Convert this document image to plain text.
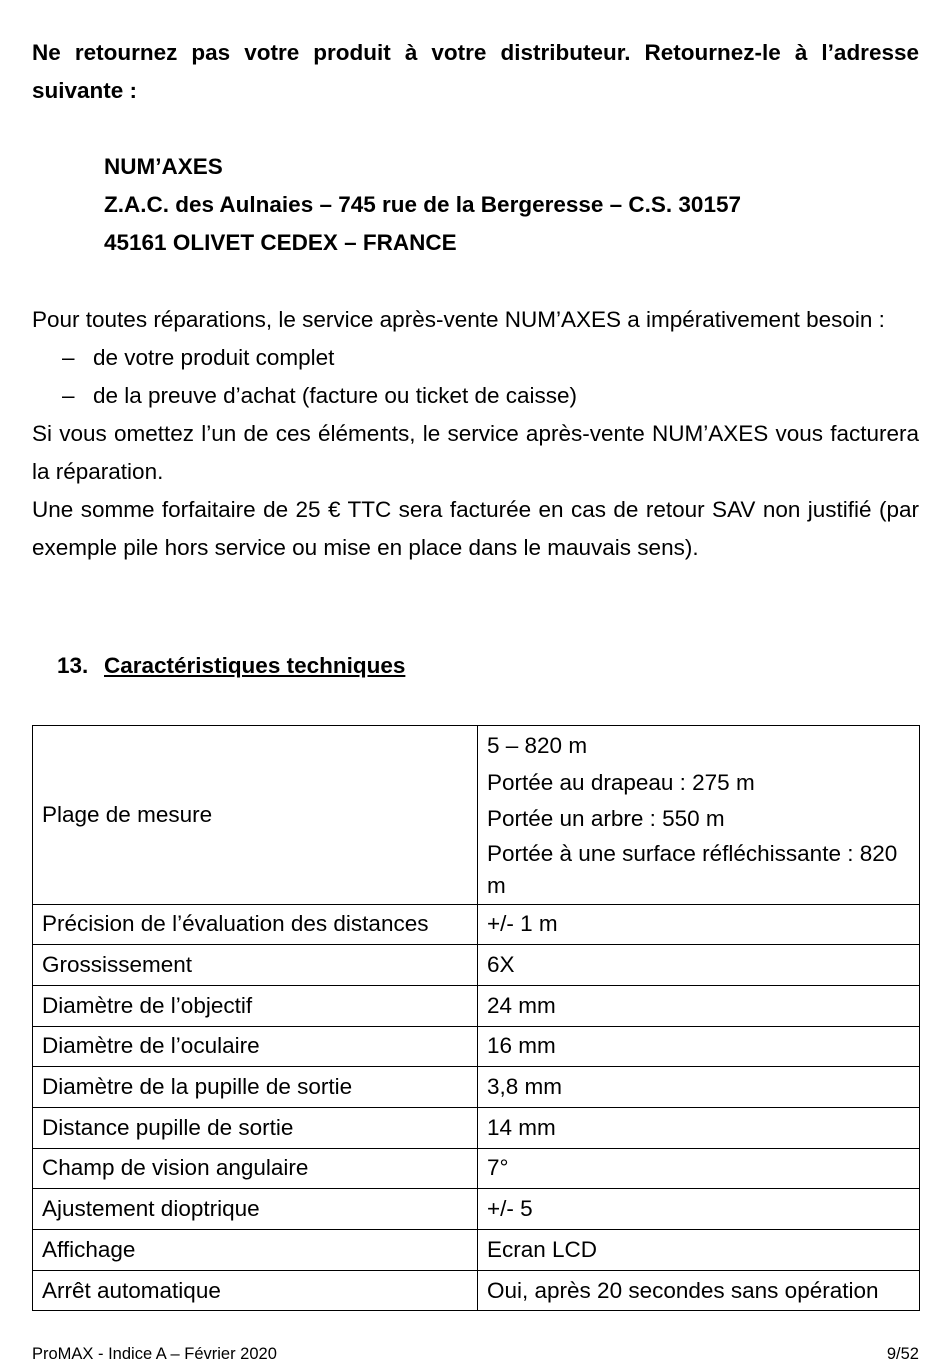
Ne retournez pas votre produit à votre distributeur. Retournez-le à l’adresse suivante :

NUM’AXES

Z.A.C. des Aulnaies – 745 rue de la Bergeresse – C.S. 30157

45161 OLIVET CEDEX – FRANCE

Pour toutes réparations, le service après-vente NUM’AXES a impérativement besoin :

– de votre produit complet
– de la preuve d’achat (facture ou ticket de caisse)

Si vous omettez l’un de ces éléments, le service après-vente NUM’AXES vous facturera la réparation.

Une somme forfaitaire de 25 € TTC sera facturée en cas de retour SAV non justifié (par exemple pile hors service ou mise en place dans le mauvais sens).

13. Caractéristiques techniques
Plage de mesure	5 – 820 m
Portée au drapeau : 275 m
Portée un arbre : 550 m
Portée à une surface réfléchissante : 820 m

Précision de l’évaluation des distances	+/- 1 m
Grossissement	6X
Diamètre de l’objectif	24 mm
Diamètre de l’oculaire	16 mm
Diamètre de la pupille de sortie	3,8 mm
Distance pupille de sortie	14 mm
Champ de vision angulaire	7°
Ajustement dioptrique	+/- 5
Affichage	Ecran LCD
Arrêt automatique	Oui, après 20 secondes sans opération
ProMAX - Indice A – Février 2020	9/52
